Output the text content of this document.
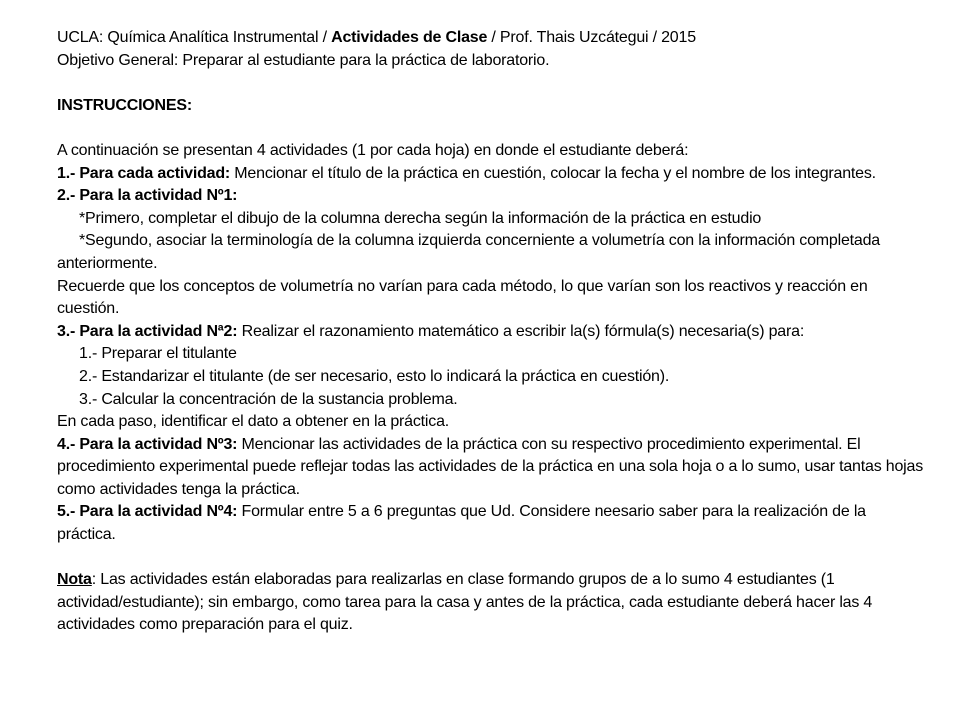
UCLA: Química Analítica Instrumental / Actividades de Clase / Prof. Thais Uzcátegui / 2015

Objetivo General: Preparar al estudiante para la práctica de laboratorio.

INSTRUCCIONES:

A continuación se presentan 4 actividades (1 por cada hoja) en donde el estudiante deberá:

1.- Para cada actividad: Mencionar el título de la práctica en cuestión, colocar la fecha y el nombre de los integrantes.

2.- Para la actividad Nº1:

*Primero, completar el dibujo de la columna derecha según la información de la práctica en estudio

*Segundo, asociar la terminología de la columna izquierda concerniente a volumetría con la información completada anteriormente.

Recuerde que los conceptos de volumetría no varían para cada método, lo que varían son los reactivos y reacción en cuestión.

3.- Para la actividad Nª2: Realizar el razonamiento matemático a escribir la(s) fórmula(s) necesaria(s) para:

1.- Preparar el titulante

2.- Estandarizar el titulante (de ser necesario, esto lo indicará la práctica en cuestión).

3.- Calcular la concentración de la sustancia problema.

En cada paso, identificar el dato a obtener en la práctica.

4.- Para la actividad Nº3: Mencionar las actividades de la práctica con su respectivo procedimiento experimental. El procedimiento experimental puede reflejar todas las actividades de la práctica en una sola hoja o a lo sumo, usar tantas hojas como actividades tenga la práctica.

5.- Para la actividad Nº4: Formular entre 5 a 6 preguntas que Ud. Considere neesario saber para la realización de la práctica.

Nota: Las actividades están elaboradas para realizarlas en clase formando grupos de a lo sumo 4 estudiantes (1 actividad/estudiante); sin embargo, como tarea para la casa y antes de la práctica, cada estudiante deberá hacer las 4 actividades como preparación para el quiz.
